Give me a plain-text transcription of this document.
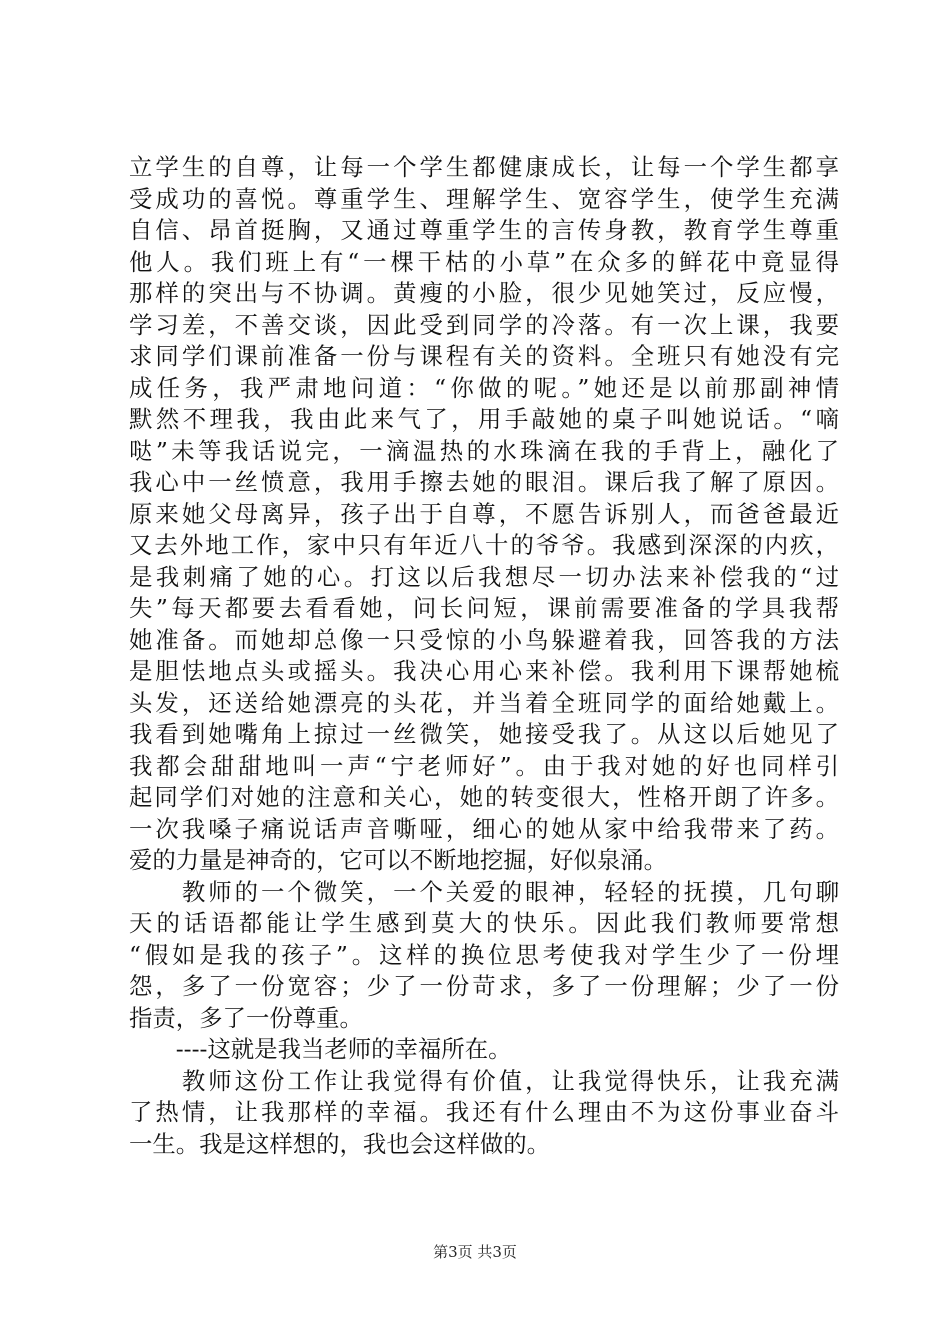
立学生的自尊，让每一个学生都健康成长，让每一个学生都享
受成功的喜悦。尊重学生、理解学生、宽容学生，使学生充满
自信、昂首挺胸，又通过尊重学生的言传身教，教育学生尊重
他人。我们班上有“一棵干枯的小草”在众多的鲜花中竟显得
那样的突出与不协调。黄瘦的小脸，很少见她笑过，反应慢，
学习差，不善交谈，因此受到同学的冷落。有一次上课，我要
求同学们课前准备一份与课程有关的资料。全班只有她没有完
成任务，我严肃地问道：“你做的呢。”她还是以前那副神情
默然不理我，我由此来气了，用手敲她的桌子叫她说话。“嘀
哒”未等我话说完，一滴温热的水珠滴在我的手背上，融化了
我心中一丝愤意，我用手擦去她的眼泪。课后我了解了原因。
原来她父母离异，孩子出于自尊，不愿告诉别人，而爸爸最近
又去外地工作，家中只有年近八十的爷爷。我感到深深的内疚，
是我刺痛了她的心。打这以后我想尽一切办法来补偿我的“过
失”每天都要去看看她，问长问短，课前需要准备的学具我帮
她准备。而她却总像一只受惊的小鸟躲避着我，回答我的方法
是胆怯地点头或摇头。我决心用心来补偿。我利用下课帮她梳
头发，还送给她漂亮的头花，并当着全班同学的面给她戴上。
我看到她嘴角上掠过一丝微笑，她接受我了。从这以后她见了
我都会甜甜地叫一声“宁老师好”。由于我对她的好也同样引
起同学们对她的注意和关心，她的转变很大，性格开朗了许多。
一次我嗓子痛说话声音嘶哑，细心的她从家中给我带来了药。
爱的力量是神奇的，它可以不断地挖掘，好似泉涌。
　　教师的一个微笑，一个关爱的眼神，轻轻的抚摸，几句聊
天的话语都能让学生感到莫大的快乐。因此我们教师要常想
“假如是我的孩子”。这样的换位思考使我对学生少了一份埋
怨，多了一份宽容；少了一份苛求，多了一份理解；少了一份
指责，多了一份尊重。
　　----这就是我当老师的幸福所在。
　　教师这份工作让我觉得有价值，让我觉得快乐，让我充满
了热情，让我那样的幸福。我还有什么理由不为这份事业奋斗
一生。我是这样想的，我也会这样做的。
第3页 共3页
